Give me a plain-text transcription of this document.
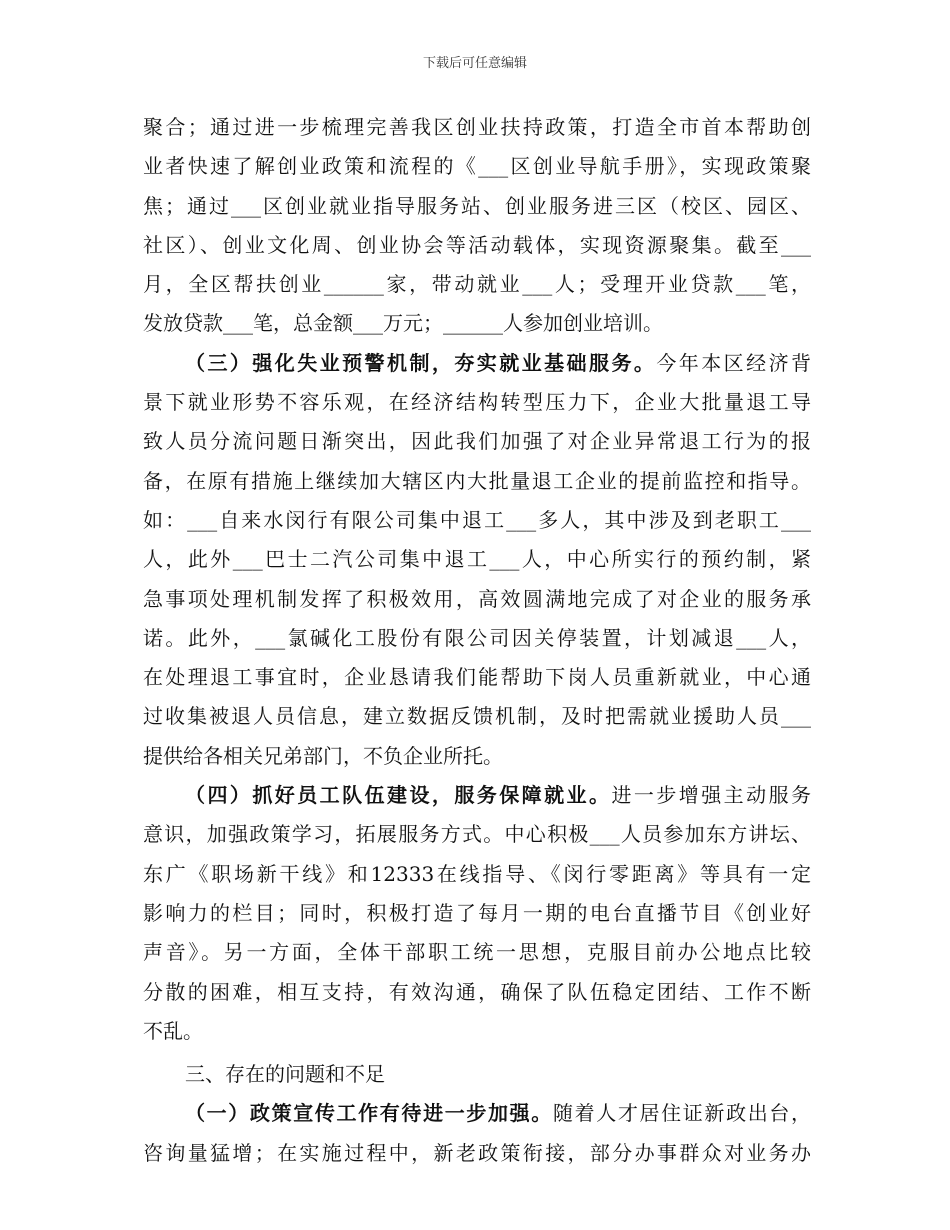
下载后可任意编辑
聚合；通过进一步梳理完善我区创业扶持政策，打造全市首本帮助创
业者快速了解创业政策和流程的《___区创业导航手册》，实现政策聚
焦；通过___区创业就业指导服务站、创业服务进三区（校区、园区、
社区）、创业文化周、创业协会等活动载体，实现资源聚集。截至___
月，全区帮扶创业______家，带动就业___人；受理开业贷款___笔，
发放贷款___笔，总金额___万元；______人参加创业培训。
（三）强化失业预警机制，夯实就业基础服务。今年本区经济背
景下就业形势不容乐观，在经济结构转型压力下，企业大批量退工导
致人员分流问题日渐突出，因此我们加强了对企业异常退工行为的报
备，在原有措施上继续加大辖区内大批量退工企业的提前监控和指导。
如：___自来水闵行有限公司集中退工___多人，其中涉及到老职工___
人，此外___巴士二汽公司集中退工___人，中心所实行的预约制，紧
急事项处理机制发挥了积极效用，高效圆满地完成了对企业的服务承
诺。此外，___氯碱化工股份有限公司因关停装置，计划减退___人，
在处理退工事宜时，企业恳请我们能帮助下岗人员重新就业，中心通
过收集被退人员信息，建立数据反馈机制，及时把需就业援助人员___
提供给各相关兄弟部门，不负企业所托。
（四）抓好员工队伍建设，服务保障就业。进一步增强主动服务
意识，加强政策学习，拓展服务方式。中心积极___人员参加东方讲坛、
东广《职场新干线》和12333在线指导、《闵行零距离》等具有一定
影响力的栏目；同时，积极打造了每月一期的电台直播节目《创业好
声音》。另一方面，全体干部职工统一思想，克服目前办公地点比较
分散的困难，相互支持，有效沟通，确保了队伍稳定团结、工作不断
不乱。
三、存在的问题和不足
（一）政策宣传工作有待进一步加强。随着人才居住证新政出台，
咨询量猛增；在实施过程中，新老政策衔接，部分办事群众对业务办
